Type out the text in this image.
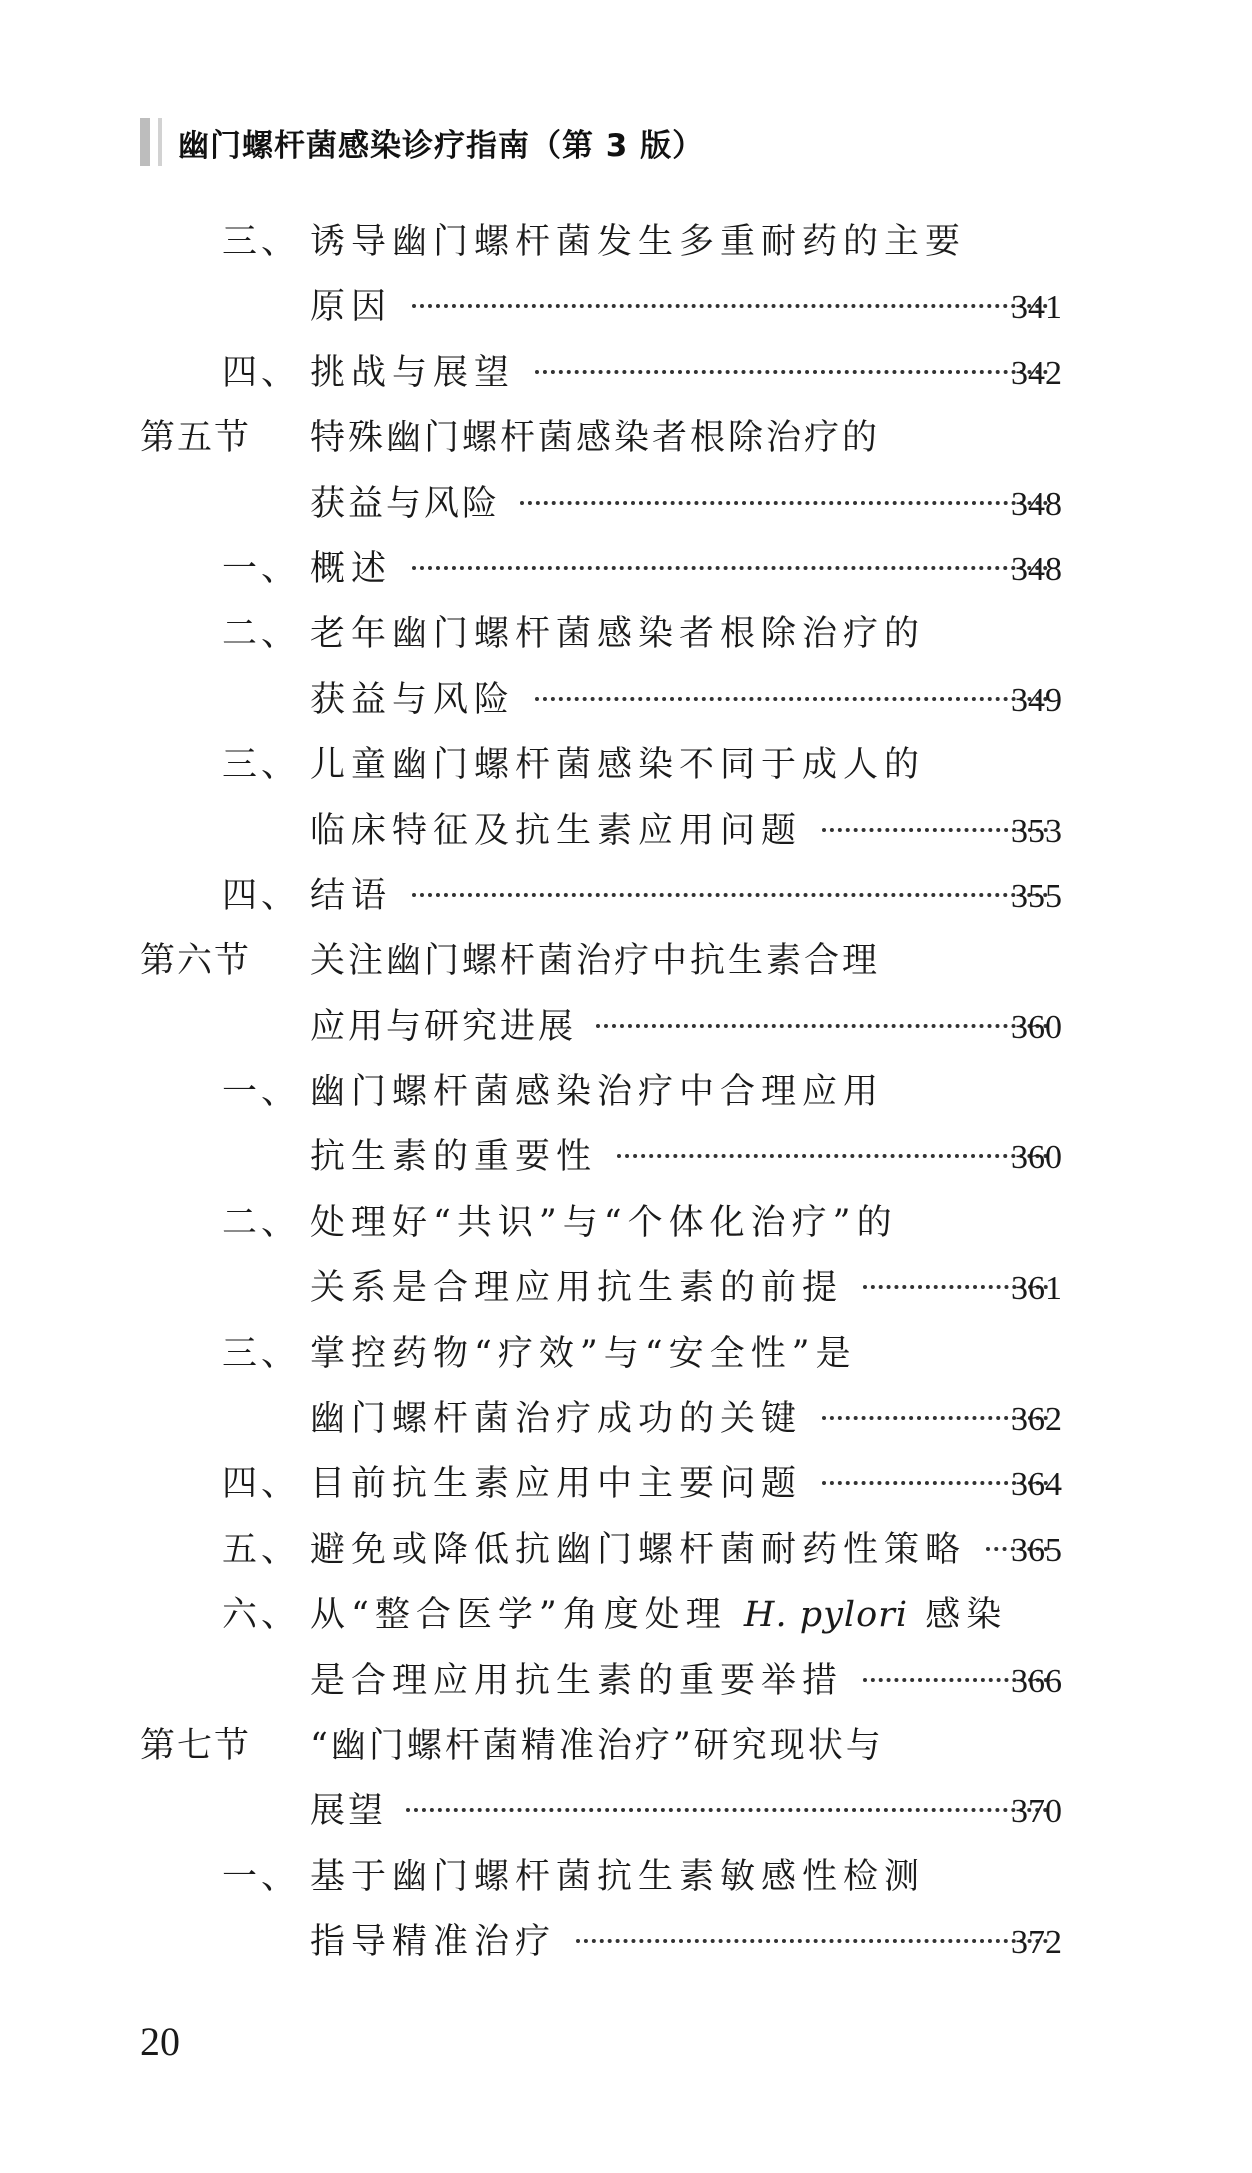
幽门螺杆菌感染诊疗指南（第 3 版）
三、 诱导幽门螺杆菌发生多重耐药的主要
原因	341
四、 挑战与展望	342
第五节 特殊幽门螺杆菌感染者根除治疗的
获益与风险	348
一、 概述	348
二、 老年幽门螺杆菌感染者根除治疗的
获益与风险	349
三、 儿童幽门螺杆菌感染不同于成人的
临床特征及抗生素应用问题	353
四、 结语	355
第六节 关注幽门螺杆菌治疗中抗生素合理
应用与研究进展	360
一、 幽门螺杆菌感染治疗中合理应用
抗生素的重要性	360
二、 处理好“共识”与“个体化治疗”的
关系是合理应用抗生素的前提	361
三、 掌控药物“疗效”与“安全性”是
幽门螺杆菌治疗成功的关键	362
四、 目前抗生素应用中主要问题	364
五、 避免或降低抗幽门螺杆菌耐药性策略 365
六、 从“整合医学”角度处理 H. pylori 感染
是合理应用抗生素的重要举措	366
第七节 “幽门螺杆菌精准治疗”研究现状与
展望	370
一、 基于幽门螺杆菌抗生素敏感性检测
指导精准治疗	372
20
